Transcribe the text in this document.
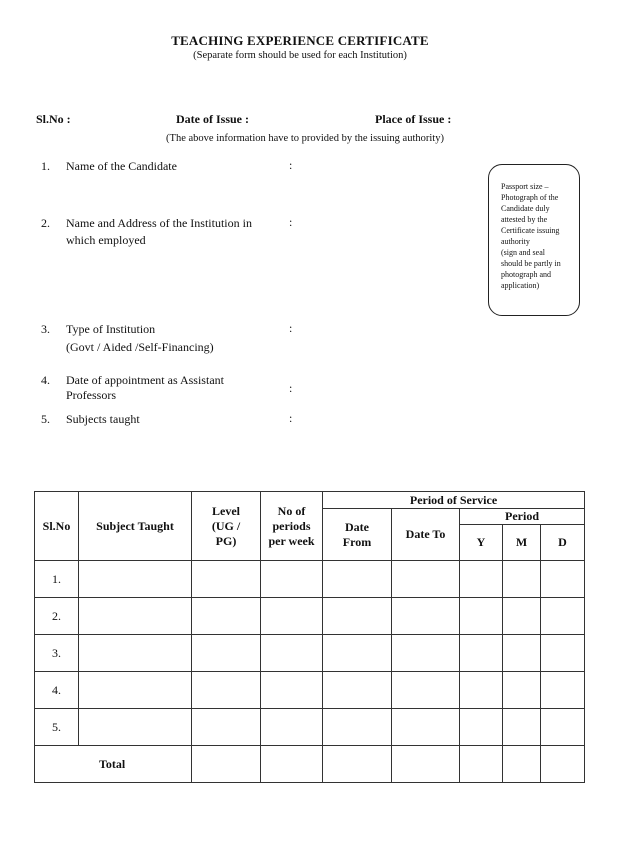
TEACHING EXPERIENCE CERTIFICATE
(Separate form should be used for each Institution)
Sl.No :	Date of Issue :	Place of Issue :
(The above information have to provided by the issuing authority)
1. Name of the Candidate	:
2. Name and Address of the Institution in
which employed
:
3. Type of Institution
(Govt / Aided /Self-Financing)
:
4. Date of appointment as Assistant
Professors	:
5. Subjects taught	:
Passport size –
Photograph of the
Candidate duly
attested by the
Certificate issuing
authority
(sign and seal
should be partly in
photograph and
application)
Sl.No	Subject Taught	Level (UG / PG)	No of periods per week	Period of Service				
				Date From	Date To	Period		
						Y	M	D
1.								
2.								
3.								
4.								
5.								
Total								
